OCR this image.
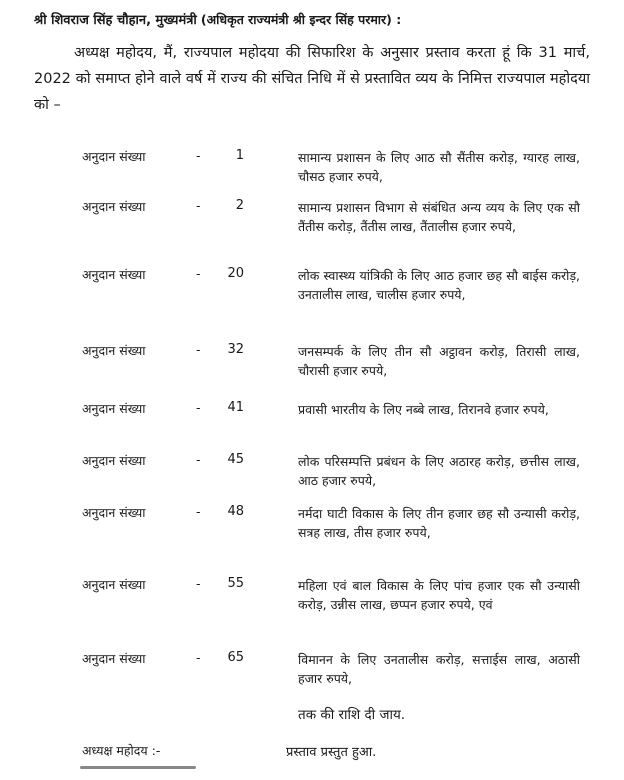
श्री शिवराज सिंह चौहान, मुख्यमंत्री (अधिकृत राज्यमंत्री श्री इन्दर सिंह परमार) :
अध्यक्ष महोदय, मैं, राज्यपाल महोदया की सिफारिश के अनुसार प्रस्ताव करता हूं कि 31 मार्च, 2022 को समाप्त होने वाले वर्ष में राज्य की संचित निधि में से प्रस्तावित व्यय के निमित्त राज्यपाल महोदया को –
अनुदान संख्या	-	1	सामान्य प्रशासन के लिए आठ सौ सैंतीस करोड़, ग्यारह लाख, चौसठ हजार रुपये,
अनुदान संख्या	-	2	सामान्य प्रशासन विभाग से संबंधित अन्य व्यय के लिए एक सौ तैंतीस करोड़, तैंतीस लाख, तैंतालीस हजार रुपये,
अनुदान संख्या	-	20	लोक स्वास्थ्य यांत्रिकी के लिए आठ हजार छह सौ बाईस करोड़, उनतालीस लाख, चालीस हजार रुपये,
अनुदान संख्या	-	32	जनसम्पर्क के लिए तीन सौ अट्ठावन करोड़, तिरासी लाख, चौरासी हजार रुपये,
अनुदान संख्या	-	41	प्रवासी भारतीय के लिए नब्बे लाख, तिरानवे हजार रुपये,
अनुदान संख्या	-	45	लोक परिसम्पत्ति प्रबंधन के लिए अठारह करोड़, छत्तीस लाख, आठ हजार रुपये,
अनुदान संख्या	-	48	नर्मदा घाटी विकास के लिए तीन हजार छह सौ उन्यासी करोड़, सत्रह लाख, तीस हजार रुपये,
अनुदान संख्या	-	55	महिला एवं बाल विकास के लिए पांच हजार एक सौ उन्यासी करोड़, उन्नीस लाख, छप्पन हजार रुपये, एवं
अनुदान संख्या	-	65	विमानन के लिए उनतालीस करोड़, सत्ताईस लाख, अठासी हजार रुपये,
तक की राशि दी जाय.
अध्यक्ष महोदय :-	प्रस्ताव प्रस्तुत हुआ.
